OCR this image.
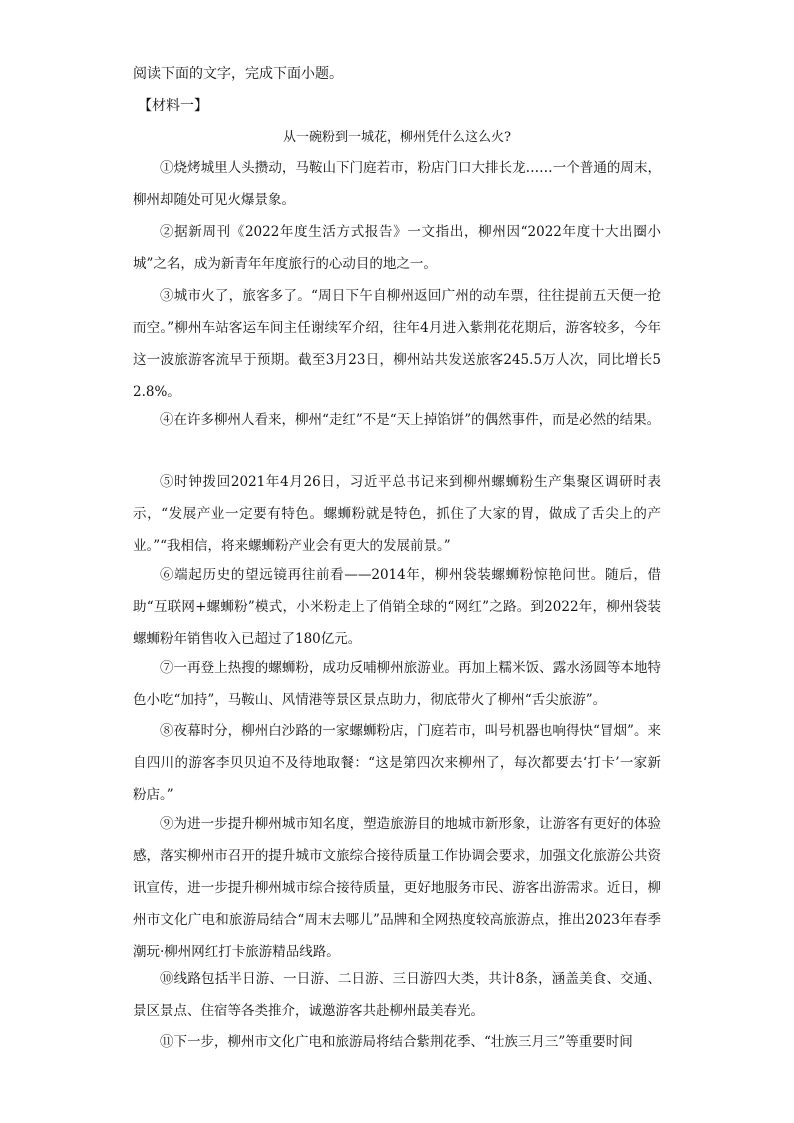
阅读下面的文字，完成下面小题。
【材料一】
从一碗粉到一城花，柳州凭什么这么火?

①烧烤城里人头攒动，马鞍山下门庭若市，粉店门口大排长龙……一个普通的周末，柳州却随处可见火爆景象。

②据新周刊《2022年度生活方式报告》一文指出，柳州因“2022年度十大出圈小城”之名，成为新青年年度旅行的心动目的地之一。

③城市火了，旅客多了。“周日下午自柳州返回广州的动车票，往往提前五天便一抢而空。”柳州车站客运车间主任谢续军介绍，往年4月进入紫荆花花期后，游客较多，今年这一波旅游客流早于预期。截至3月23日，柳州站共发送旅客245.5万人次，同比增长52.8%。

④在许多柳州人看来，柳州“走红”不是“天上掉馅饼”的偶然事件，而是必然的结果。

⑤时钟拨回2021年4月26日，习近平总书记来到柳州螺蛳粉生产集聚区调研时表示，“发展产业一定要有特色。螺蛳粉就是特色，抓住了大家的胃，做成了舌尖上的产业。”“我相信，将来螺蛳粉产业会有更大的发展前景。”

⑥端起历史的望远镜再往前看——2014年，柳州袋装螺蛳粉惊艳问世。随后，借助“互联网+螺蛳粉”模式，小米粉走上了俏销全球的“网红”之路。到2022年，柳州袋装螺蛳粉年销售收入已超过了180亿元。

⑦一再登上热搜的螺蛳粉，成功反哺柳州旅游业。再加上糯米饭、露水汤圆等本地特色小吃“加持”，马鞍山、风情港等景区景点助力，彻底带火了柳州“舌尖旅游”。

⑧夜幕时分，柳州白沙路的一家螺蛳粉店，门庭若市，叫号机器也响得快“冒烟”。来自四川的游客李贝贝迫不及待地取餐：“这是第四次来柳州了，每次都要去‘打卡’一家新粉店。”

⑨为进一步提升柳州城市知名度，塑造旅游目的地城市新形象，让游客有更好的体验感，落实柳州市召开的提升城市文旅综合接待质量工作协调会要求，加强文化旅游公共资讯宣传，进一步提升柳州城市综合接待质量，更好地服务市民、游客出游需求。近日，柳州市文化广电和旅游局结合“周末去哪儿”品牌和全网热度较高旅游点，推出2023年春季潮玩·柳州网红打卡旅游精品线路。

⑩线路包括半日游、一日游、二日游、三日游四大类，共计8条，涵盖美食、交通、景区景点、住宿等各类推介，诚邀游客共赴柳州最美春光。

⑪下一步，柳州市文化广电和旅游局将结合紫荆花季、“壮族三月三”等重要时间
